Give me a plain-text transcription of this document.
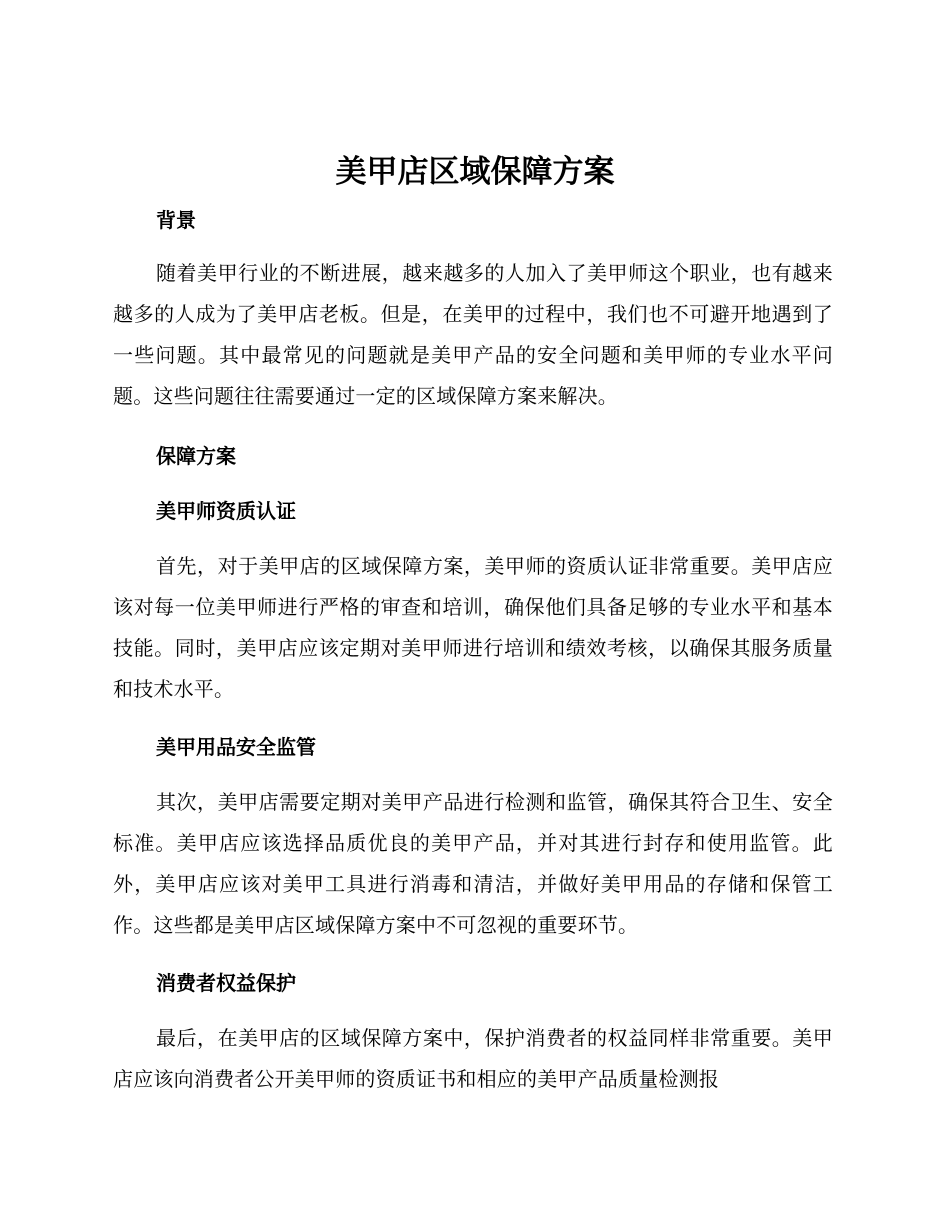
美甲店区域保障方案
背景

随着美甲行业的不断进展，越来越多的人加入了美甲师这个职业，也有越来越多的人成为了美甲店老板。但是，在美甲的过程中，我们也不可避开地遇到了一些问题。其中最常见的问题就是美甲产品的安全问题和美甲师的专业水平问题。这些问题往往需要通过一定的区域保障方案来解决。

保障方案
美甲师资质认证

首先，对于美甲店的区域保障方案，美甲师的资质认证非常重要。美甲店应该对每一位美甲师进行严格的审查和培训，确保他们具备足够的专业水平和基本技能。同时，美甲店应该定期对美甲师进行培训和绩效考核，以确保其服务质量和技术水平。

美甲用品安全监管

其次，美甲店需要定期对美甲产品进行检测和监管，确保其符合卫生、安全标准。美甲店应该选择品质优良的美甲产品，并对其进行封存和使用监管。此外，美甲店应该对美甲工具进行消毒和清洁，并做好美甲用品的存储和保管工作。这些都是美甲店区域保障方案中不可忽视的重要环节。

消费者权益保护

最后，在美甲店的区域保障方案中，保护消费者的权益同样非常重要。美甲店应该向消费者公开美甲师的资质证书和相应的美甲产品质量检测报
